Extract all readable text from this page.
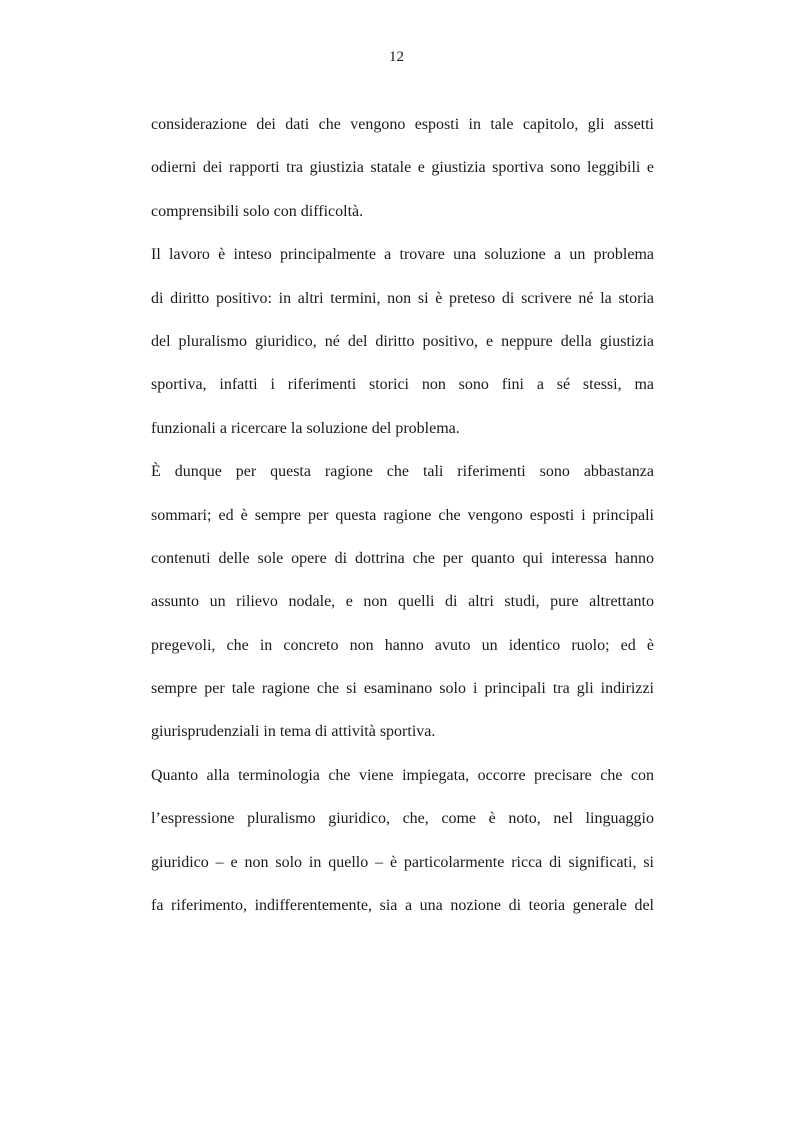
12
considerazione dei dati che vengono esposti in tale capitolo, gli assetti
odierni dei rapporti tra giustizia statale e giustizia sportiva sono leggibili e
comprensibili solo con difficoltà.
Il lavoro è inteso principalmente a trovare una soluzione a un problema
di diritto positivo: in altri termini, non si è preteso di scrivere né la storia
del pluralismo giuridico, né del diritto positivo, e neppure della giustizia
sportiva, infatti i riferimenti storici non sono fini a sé stessi, ma
funzionali a ricercare la soluzione del problema.
È dunque per questa ragione che tali riferimenti sono abbastanza
sommari; ed è sempre per questa ragione che vengono esposti i principali
contenuti delle sole opere di dottrina che per quanto qui interessa hanno
assunto un rilievo nodale, e non quelli di altri studi, pure altrettanto
pregevoli, che in concreto non hanno avuto un identico ruolo; ed è
sempre per tale ragione che si esaminano solo i principali tra gli indirizzi
giurisprudenziali in tema di attività sportiva.
Quanto alla terminologia che viene impiegata, occorre precisare che con
l’espressione pluralismo giuridico, che, come è noto, nel linguaggio
giuridico – e non solo in quello – è particolarmente ricca di significati, si
fa riferimento, indifferentemente, sia a una nozione di teoria generale del
